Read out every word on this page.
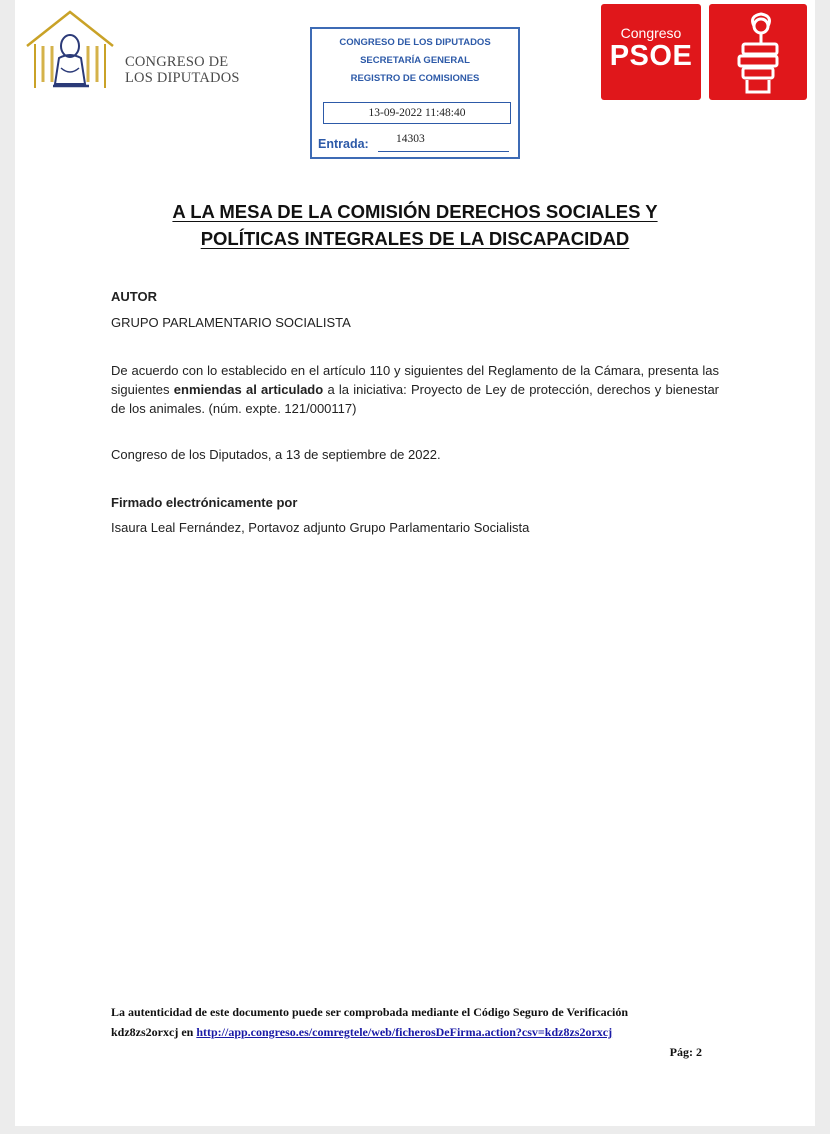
CONGRESO DE
LOS DIPUTADOS
CONGRESO DE LOS DIPUTADOS
SECRETARÍA GENERAL
REGISTRO DE COMISIONES
13-09-2022 11:48:40
Entrada: 14303
Congreso
PSOE
A LA MESA DE LA COMISIÓN DERECHOS SOCIALES Y
POLÍTICAS INTEGRALES DE LA DISCAPACIDAD
AUTOR
GRUPO PARLAMENTARIO SOCIALISTA
De acuerdo con lo establecido en el artículo 110 y siguientes del Reglamento de la Cámara, presenta las siguientes enmiendas al articulado a la iniciativa: Proyecto de Ley de protección, derechos y bienestar de los animales. (núm. expte. 121/000117)
Congreso de los Diputados, a 13 de septiembre de 2022.
Firmado electrónicamente por
Isaura Leal Fernández, Portavoz adjunto Grupo Parlamentario Socialista
La autenticidad de este documento puede ser comprobada mediante el Código Seguro de Verificación
kdz8zs2orxcj en http://app.congreso.es/comregtele/web/ficherosDeFirma.action?csv=kdz8zs2orxcj
Pág: 2
